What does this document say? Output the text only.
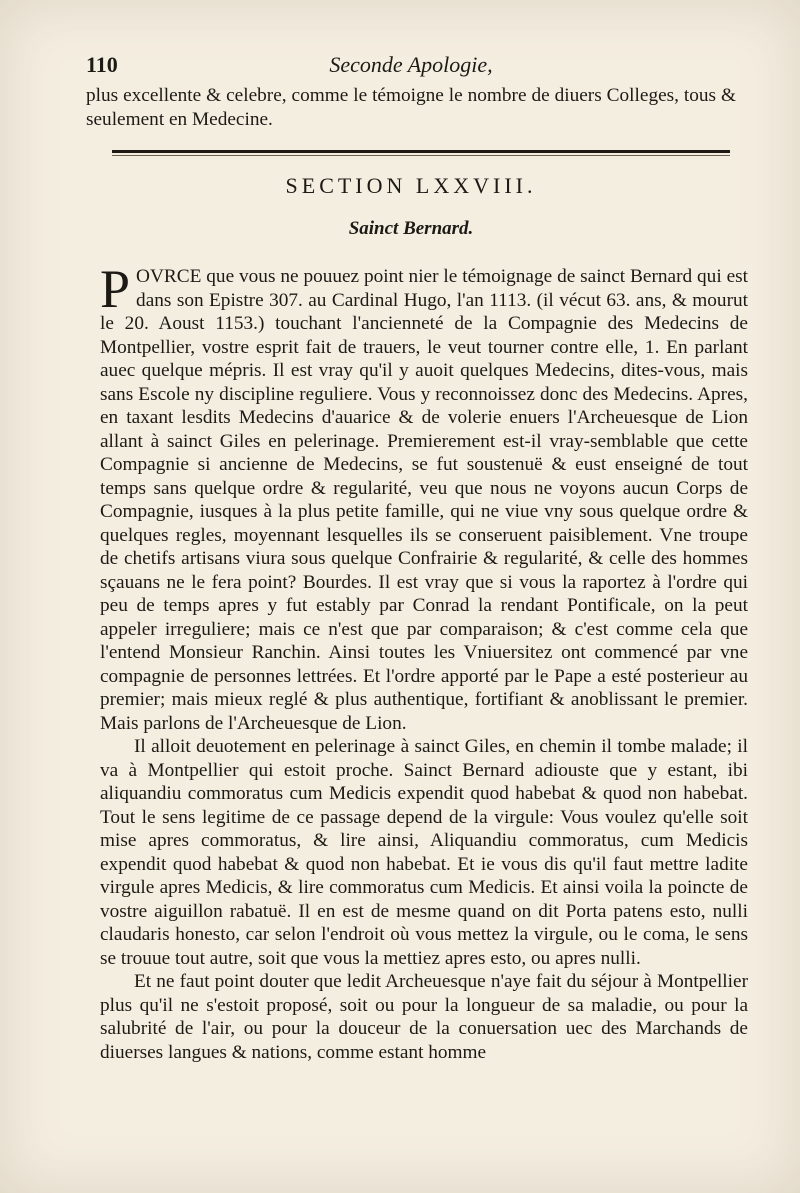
110	Seconde Apologie,

plus excellente & celebre, comme le témoigne le nombre de diuers Colleges, tous & seulement en Medecine.

SECTION LXXVIII.
Sainct Bernard.

POVRCE que vous ne pouuez point nier le témoignage de sainct Bernard qui est dans son Epistre 307. au Cardinal Hugo, l'an 1113. (il vécut 63. ans, & mourut le 20. Aoust 1153.) touchant l'ancienneté de la Compagnie des Medecins de Montpellier, vostre esprit fait de trauers, le veut tourner contre elle, 1. En parlant auec quelque mépris. Il est vray qu'il y auoit quelques Medecins, dites-vous, mais sans Escole ny discipline reguliere. Vous y reconnoissez donc des Medecins. Apres, en taxant lesdits Medecins d'auarice & de volerie enuers l'Archeuesque de Lion allant à sainct Giles en pelerinage. Premierement est-il vray-semblable que cette Compagnie si ancienne de Medecins, se fut soustenuë & eust enseigné de tout temps sans quelque ordre & regularité, veu que nous ne voyons aucun Corps de Compagnie, iusques à la plus petite famille, qui ne viue vny sous quelque ordre & quelques regles, moyennant lesquelles ils se conseruent paisiblement. Vne troupe de chetifs artisans viura sous quelque Confrairie & regularité, & celle des hommes sçauans ne le fera point? Bourdes. Il est vray que si vous la raportez à l'ordre qui peu de temps apres y fut estably par Conrad la rendant Pontificale, on la peut appeler irreguliere; mais ce n'est que par comparaison; & c'est comme cela que l'entend Monsieur Ranchin. Ainsi toutes les Vniuersitez ont commencé par vne compagnie de personnes lettrées. Et l'ordre apporté par le Pape a esté posterieur au premier; mais mieux reglé & plus authentique, fortifiant & anoblissant le premier. Mais parlons de l'Archeuesque de Lion.

Il alloit deuotement en pelerinage à sainct Giles, en chemin il tombe malade; il va à Montpellier qui estoit proche. Sainct Bernard adiouste que y estant, ibi aliquandiu commoratus cum Medicis expendit quod habebat & quod non habebat. Tout le sens legitime de ce passage depend de la virgule: Vous voulez qu'elle soit mise apres commoratus, & lire ainsi, Aliquandiu commoratus, cum Medicis expendit quod habebat & quod non habebat. Et ie vous dis qu'il faut mettre ladite virgule apres Medicis, & lire commoratus cum Medicis. Et ainsi voila la poincte de vostre aiguillon rabatuë. Il en est de mesme quand on dit Porta patens esto, nulli claudaris honesto, car selon l'endroit où vous mettez la virgule, ou le coma, le sens se trouue tout autre, soit que vous la mettiez apres esto, ou apres nulli.

Et ne faut point douter que ledit Archeuesque n'aye fait du séjour à Montpellier plus qu'il ne s'estoit proposé, soit ou pour la longueur de sa maladie, ou pour la salubrité de l'air, ou pour la douceur de la conuersation uec des Marchands de diuerses langues & nations, comme estant homme
